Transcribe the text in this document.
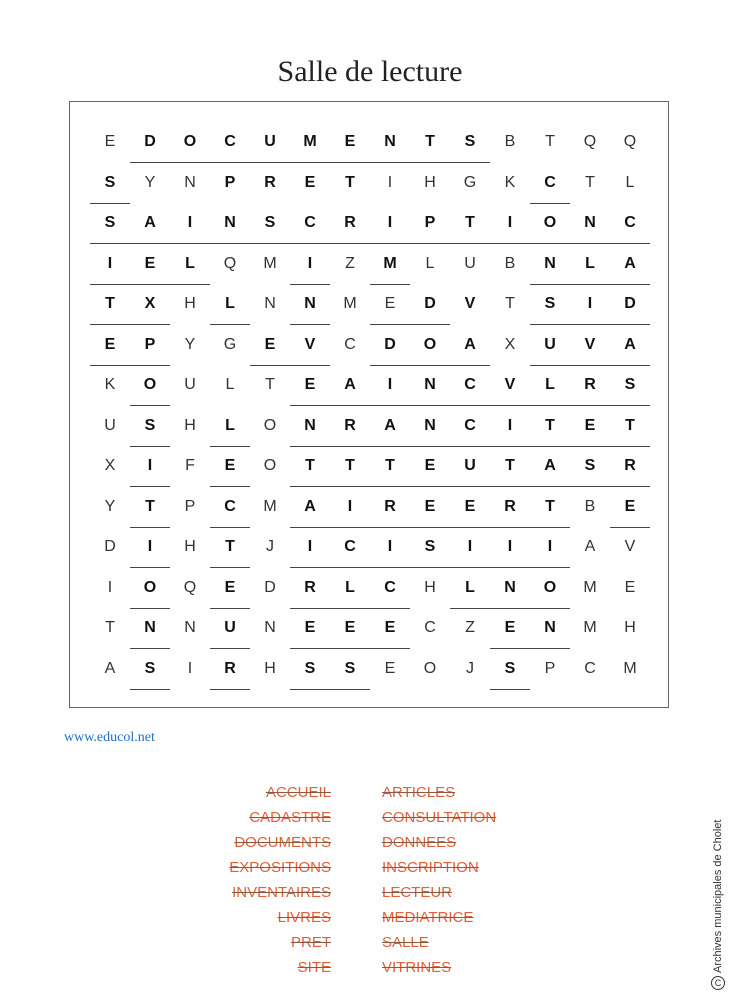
Salle de lecture
E	D	O	C	U	M	E	N	T	S	B	T	Q	Q
S	Y	N	P	R	E	T	I	H	G	K	C	T	L
S	A	I	N	S	C	R	I	P	T	I	O	N	C
I	E	L	Q	M	I	Z	M	L	U	B	N	L	A
T	X	H	L	N	N	M	E	D	V	T	S	I	D
E	P	Y	G	E	V	C	D	O	A	X	U	V	A
K	O	U	L	T	E	A	I	N	C	V	L	R	S
U	S	H	L	O	N	R	A	N	C	I	T	E	T
X	I	F	E	O	T	T	T	E	U	T	A	S	R
Y	T	P	C	M	A	I	R	E	E	R	T	B	E
D	I	H	T	J	I	C	I	S	I	I	I	A	V
I	O	Q	E	D	R	L	C	H	L	N	O	M	E
T	N	N	U	N	E	E	E	C	Z	E	N	M	H
A	S	I	R	H	S	S	E	O	J	S	P	C	M
www.educol.net
ACCUEIL
CADASTRE
DOCUMENTS
EXPOSITIONS
INVENTAIRES
LIVRES
PRET
SITE
ARTICLES
CONSULTATION
DONNEES
INSCRIPTION
LECTEUR
MEDIATRICE
SALLE
VITRINES
C
Archives municipales de Cholet
